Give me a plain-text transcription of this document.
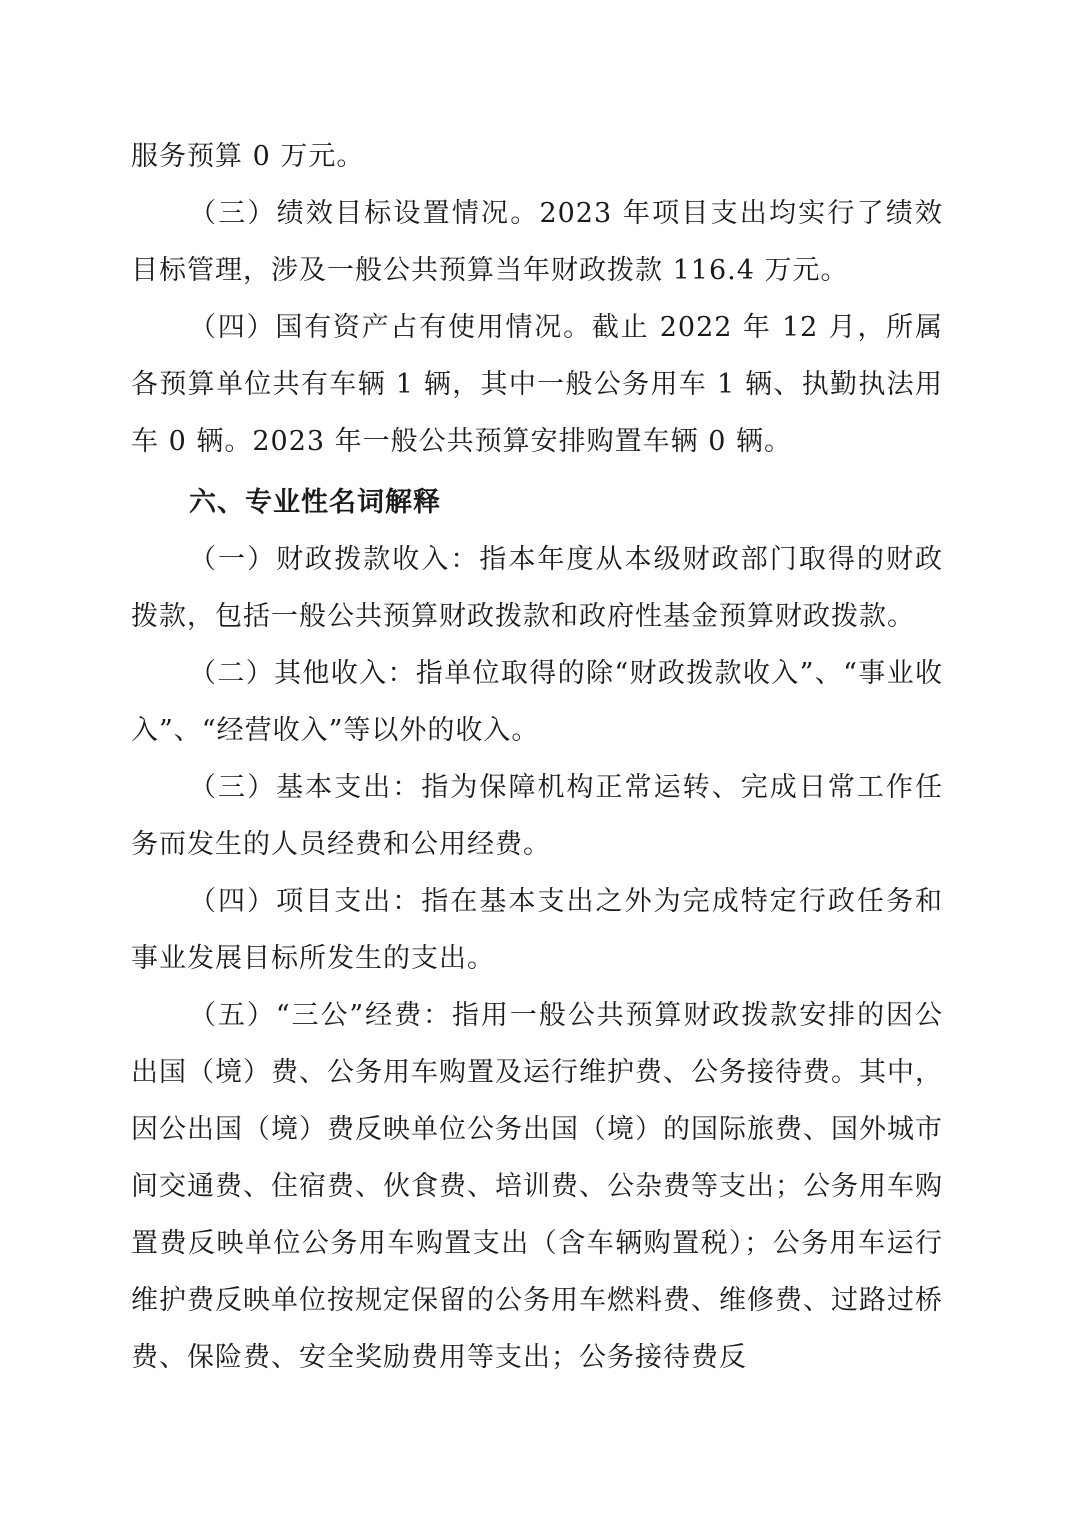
服务预算 0 万元。

（三）绩效目标设置情况。2023 年项目支出均实行了绩效目标管理，涉及一般公共预算当年财政拨款 116.4 万元。

（四）国有资产占有使用情况。截止 2022 年 12 月，所属各预算单位共有车辆 1 辆，其中一般公务用车 1 辆、执勤执法用车 0 辆。2023 年一般公共预算安排购置车辆 0 辆。

六、专业性名词解释

（一）财政拨款收入：指本年度从本级财政部门取得的财政拨款，包括一般公共预算财政拨款和政府性基金预算财政拨款。

（二）其他收入：指单位取得的除“财政拨款收入”、“事业收入”、“经营收入”等以外的收入。

（三）基本支出：指为保障机构正常运转、完成日常工作任务而发生的人员经费和公用经费。

（四）项目支出：指在基本支出之外为完成特定行政任务和事业发展目标所发生的支出。

（五）“三公”经费：指用一般公共预算财政拨款安排的因公出国（境）费、公务用车购置及运行维护费、公务接待费。其中，因公出国（境）费反映单位公务出国（境）的国际旅费、国外城市间交通费、住宿费、伙食费、培训费、公杂费等支出；公务用车购置费反映单位公务用车购置支出（含车辆购置税）；公务用车运行维护费反映单位按规定保留的公务用车燃料费、维修费、过路过桥费、保险费、安全奖励费用等支出；公务接待费反
